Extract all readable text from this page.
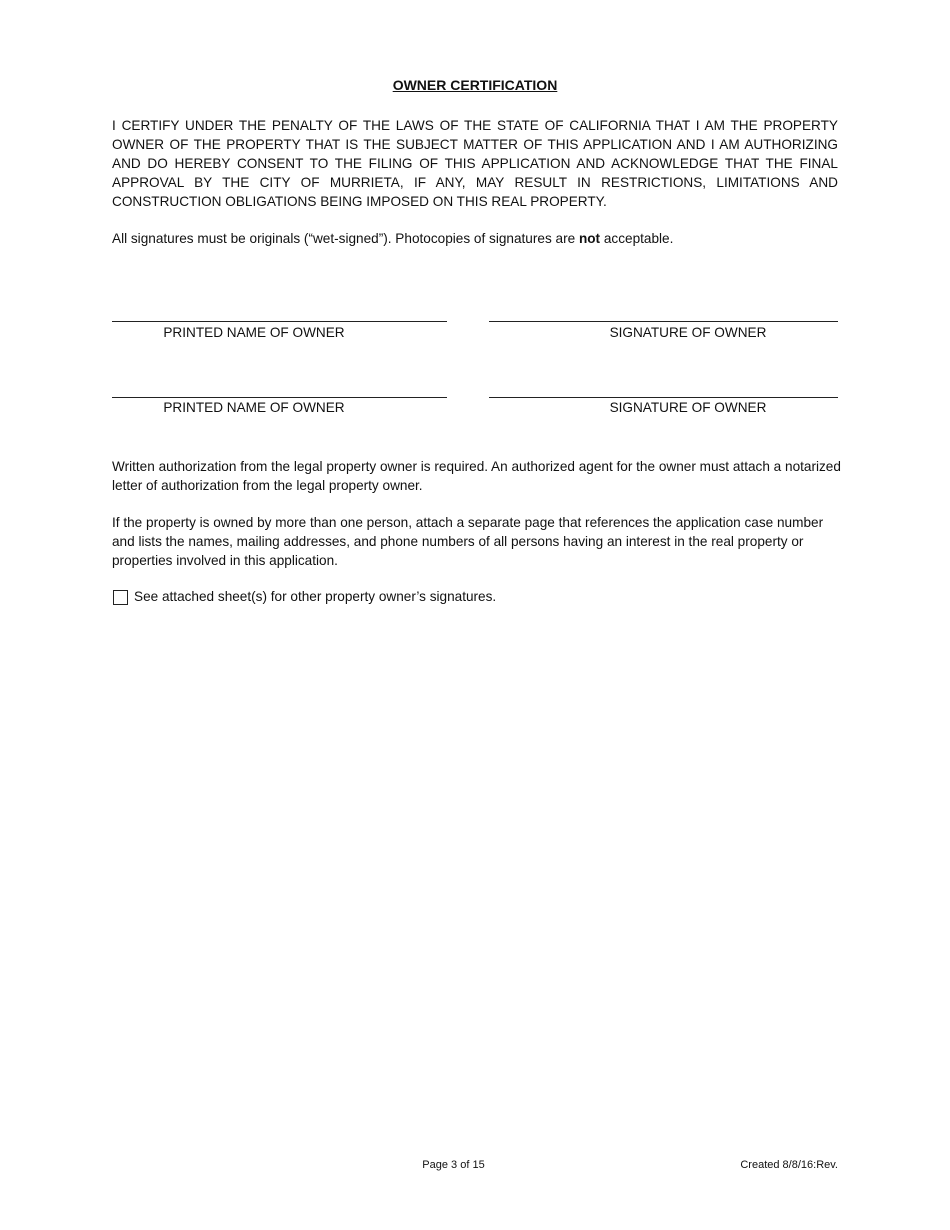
OWNER CERTIFICATION
I CERTIFY UNDER THE PENALTY OF THE LAWS OF THE STATE OF CALIFORNIA THAT I AM THE PROPERTY OWNER OF THE PROPERTY THAT IS THE SUBJECT MATTER OF THIS APPLICATION AND I AM AUTHORIZING AND DO HEREBY CONSENT TO THE FILING OF THIS APPLICATION AND ACKNOWLEDGE THAT THE FINAL APPROVAL BY THE CITY OF MURRIETA, IF ANY, MAY RESULT IN RESTRICTIONS, LIMITATIONS AND CONSTRUCTION OBLIGATIONS BEING IMPOSED ON THIS REAL PROPERTY.
All signatures must be originals (“wet-signed”). Photocopies of signatures are not acceptable.
PRINTED NAME OF OWNER	SIGNATURE OF OWNER
PRINTED NAME OF OWNER	SIGNATURE OF OWNER
Written authorization from the legal property owner is required. An authorized agent for the owner must attach a notarized letter of authorization from the legal property owner.
If the property is owned by more than one person, attach a separate page that references the application case number and lists the names, mailing addresses, and phone numbers of all persons having an interest in the real property or properties involved in this application.
See attached sheet(s) for other property owner’s signatures.
Page 3 of 15	Created 8/8/16:Rev.
